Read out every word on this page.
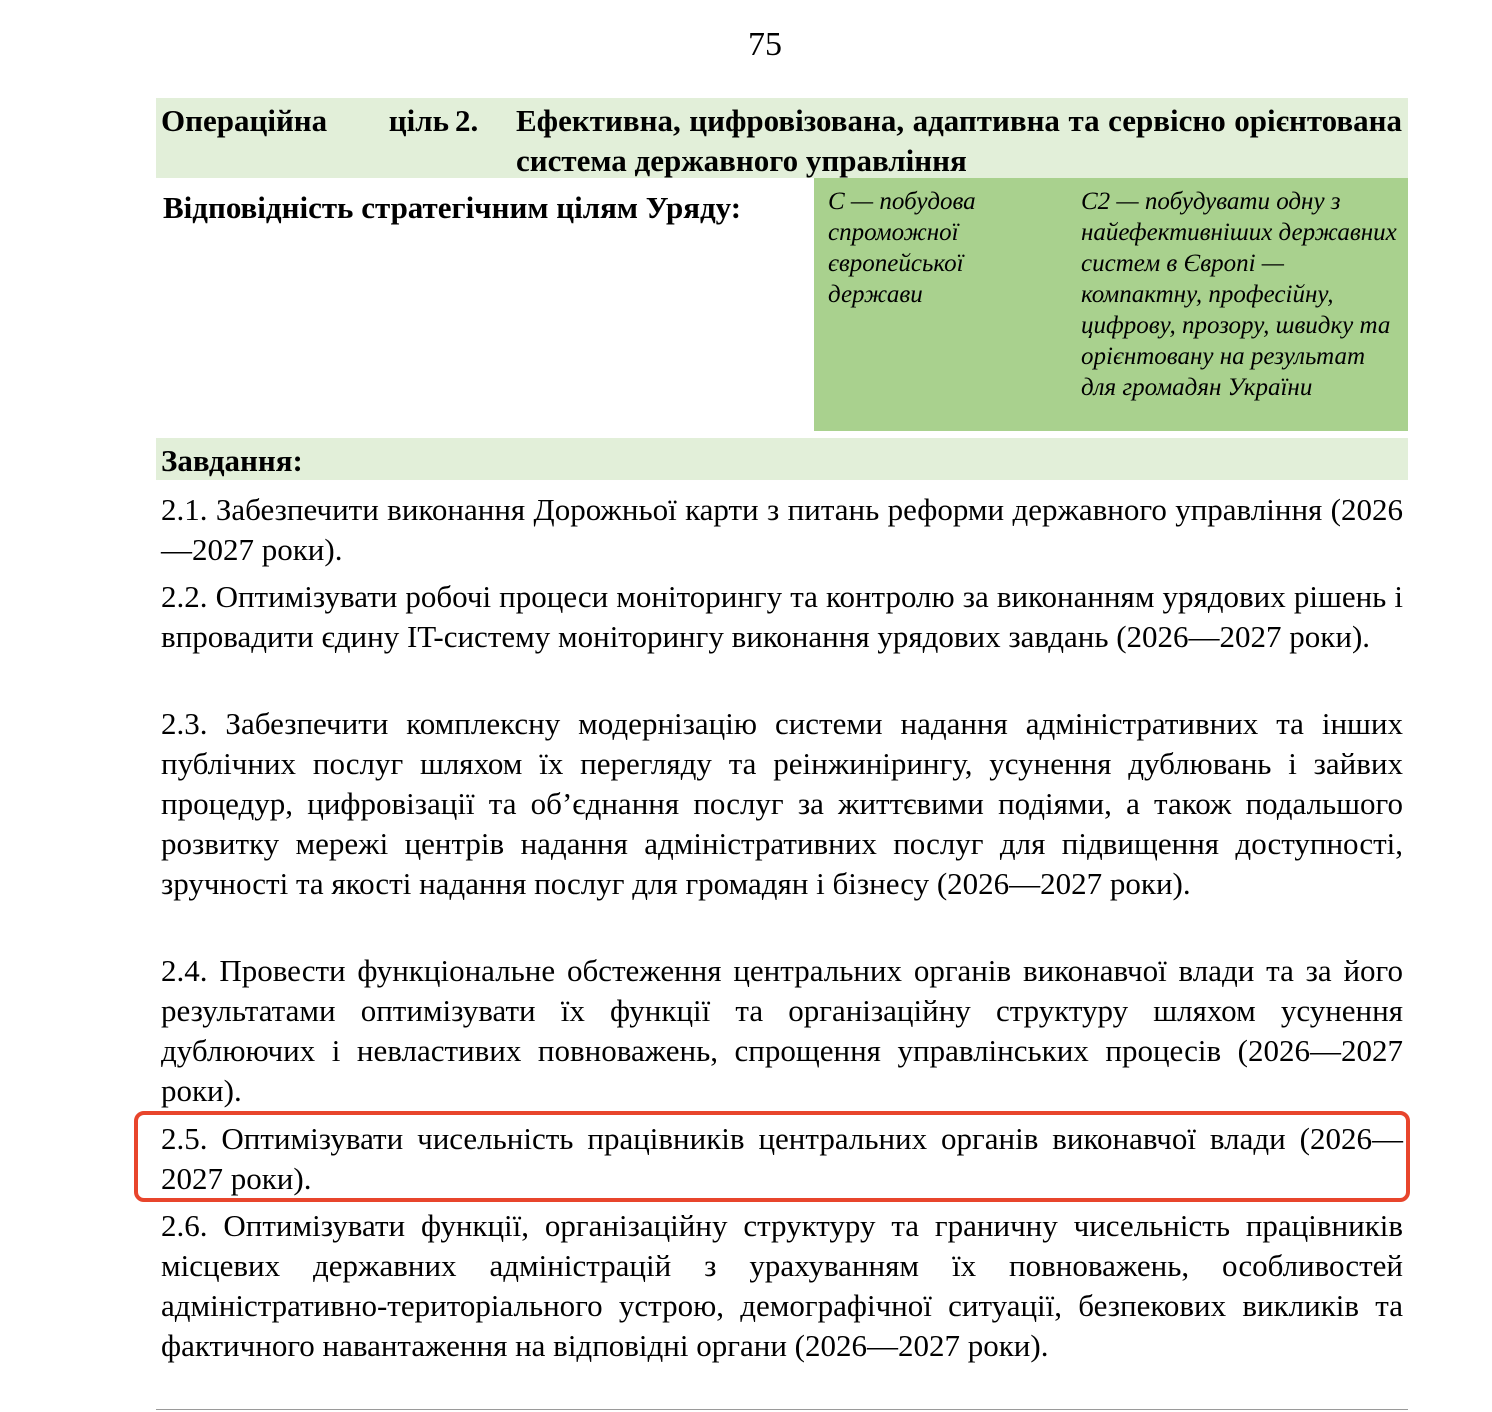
75
Операційна ціль 2. Ефективна, цифровізована, адаптивна та сервісно орієнтована система державного управління
Відповідність стратегічним цілям Уряду:	С — побудова спроможної європейської держави
С2 — побудувати одну з найефективніших державних систем в Європі — компактну, професійну, цифрову, прозору, швидку та орієнтовану на результат для громадян України
Завдання:
2.1. Забезпечити виконання Дорожньої карти з питань реформи державного управління (2026—2027 роки).
2.2. Оптимізувати робочі процеси моніторингу та контролю за виконанням урядових рішень і впровадити єдину IT-систему моніторингу виконання урядових завдань (2026—2027 роки).
2.3. Забезпечити комплексну модернізацію системи надання адміністративних та інших публічних послуг шляхом їх перегляду та реінжинірингу, усунення дублювань і зайвих процедур, цифровізації та об’єднання послуг за життєвими подіями, а також подальшого розвитку мережі центрів надання адміністративних послуг для підвищення доступності, зручності та якості надання послуг для громадян і бізнесу (2026—2027 роки).
2.4. Провести функціональне обстеження центральних органів виконавчої влади та за його результатами оптимізувати їх функції та організаційну структуру шляхом усунення дублюючих і невластивих повноважень, спрощення управлінських процесів (2026—2027 роки).
2.5. Оптимізувати чисельність працівників центральних органів виконавчої влади (2026—2027 роки).
2.6. Оптимізувати функції, організаційну структуру та граничну чисельність працівників місцевих державних адміністрацій з урахуванням їх повноважень, особливостей адміністративно-територіального устрою, демографічної ситуації, безпекових викликів та фактичного навантаження на відповідні органи (2026—2027 роки).
